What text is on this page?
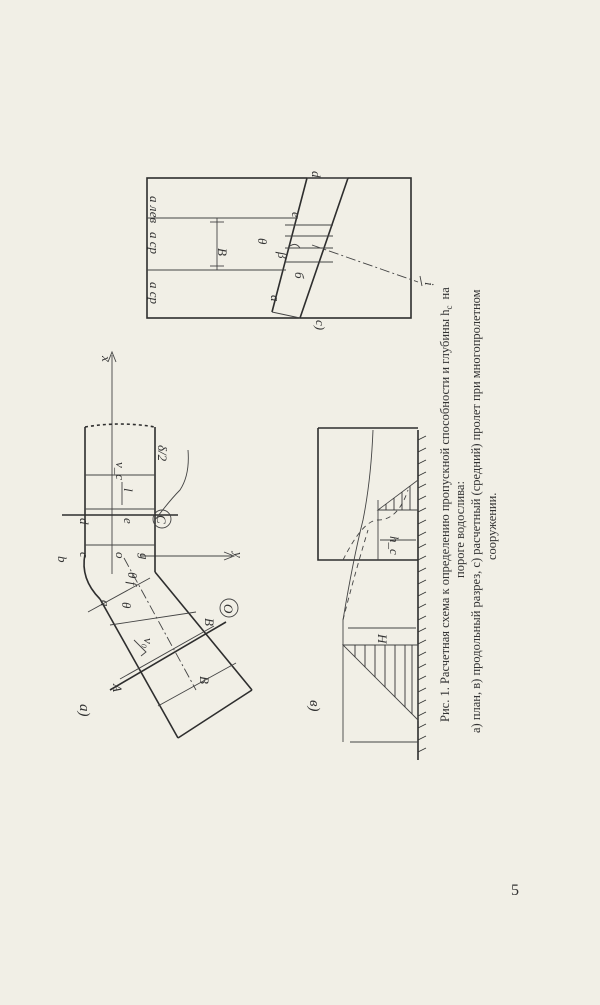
a лев
a ср
a ср
B
d
e
a
θ
β
б
i
c)
x
y
v_c
l
d e
c o g
b
C
δ/2
a θ
θ f
v₀
B
A
B
O
а)
H
h_c
в)	Рис. 1. Расчетная схема к определению пропускной способности и глубины $h_cна$
пороге водослива: а) план, в) продольный разрез, с) расчетный (средний) пролет при многопролетном сооружении.
5
